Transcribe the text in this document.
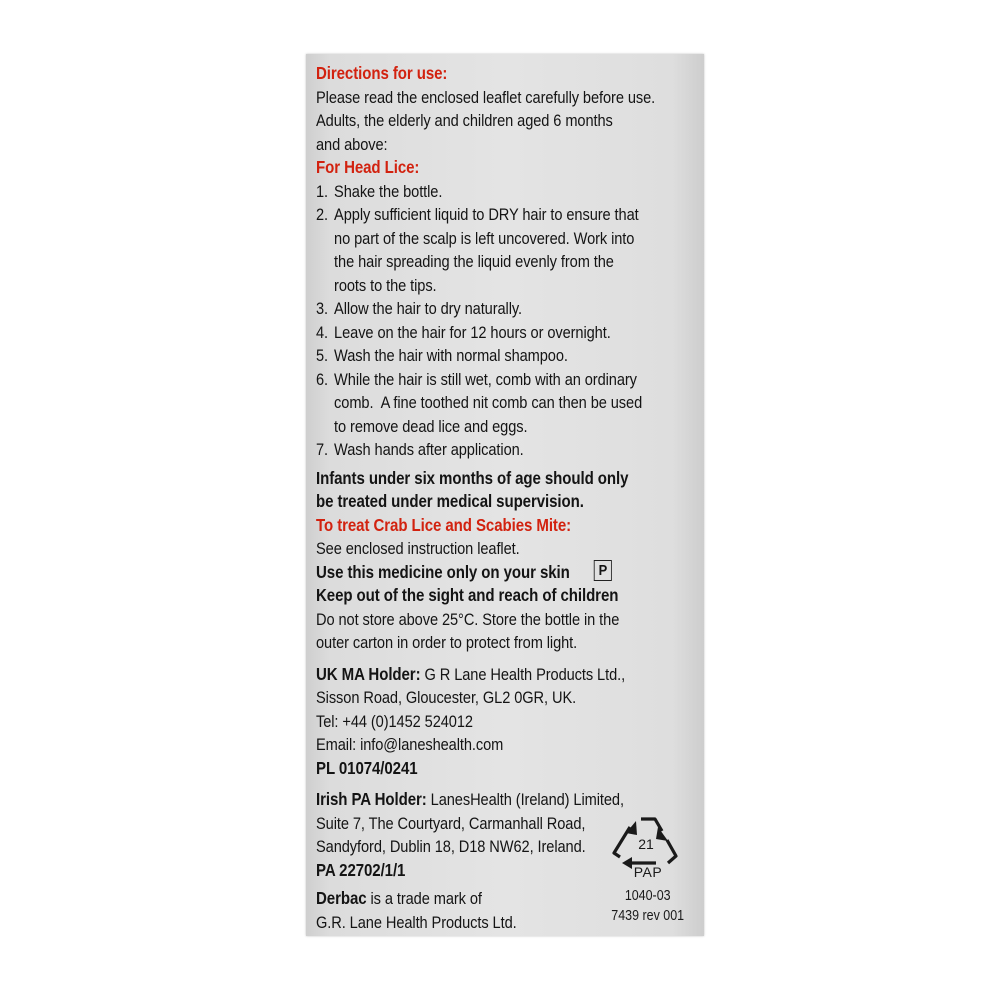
Directions for use:

Please read the enclosed leaflet carefully before use.

Adults, the elderly and children aged 6 months

and above:

For Head Lice:

1. Shake the bottle.
2. Apply sufficient liquid to DRY hair to ensure that
no part of the scalp is left uncovered. Work into
the hair spreading the liquid evenly from the
roots to the tips.
3. Allow the hair to dry naturally.
4. Leave on the hair for 12 hours or overnight.
5. Wash the hair with normal shampoo.
6. While the hair is still wet, comb with an ordinary
comb.  A fine toothed nit comb can then be used
to remove dead lice and eggs.
7. Wash hands after application.

Infants under six months of age should only

be treated under medical supervision.

To treat Crab Lice and Scabies Mite:

See enclosed instruction leaflet.

Use this medicine only on your skin P

Keep out of the sight and reach of children

Do not store above 25°C. Store the bottle in the

outer carton in order to protect from light.

UK MA Holder: G R Lane Health Products Ltd.,

Sisson Road, Gloucester, GL2 0GR, UK.

Tel: +44 (0)1452 524012

Email: info@laneshealth.com

PL 01074/0241

Irish PA Holder: LanesHealth (Ireland) Limited,

Suite 7, The Courtyard, Carmanhall Road,

Sandyford, Dublin 18, D18 NW62, Ireland.

PA 22702/1/1

Derbac is a trade mark of

G.R. Lane Health Products Ltd.

21
PAP
1040-03
7439 rev 001
